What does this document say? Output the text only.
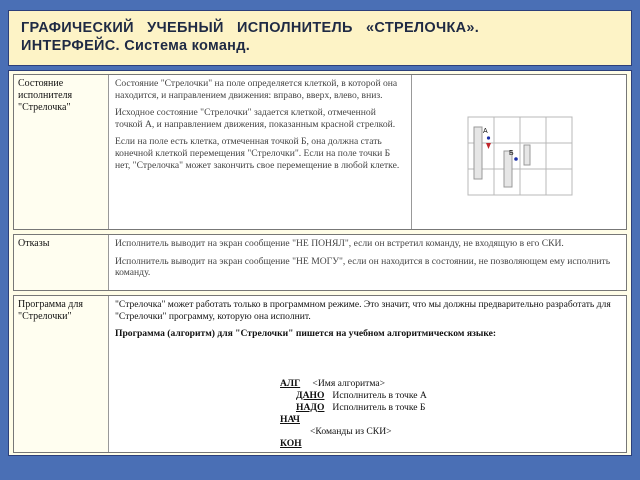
ГРАФИЧЕСКИЙ УЧЕБНЫЙ ИСПОЛНИТЕЛЬ «СТРЕЛОЧКА».
ИНТЕРФЕЙС. Система команд.
Состояние исполнителя "Стрелочка"

Состояние "Стрелочки" на поле определяется клеткой, в которой она находится, и направлением движения: вправо, вверх, влево, вниз.

Исходное состояние "Стрелочки" задается клеткой, отмеченной точкой А, и направлением движения, показанным красной стрелкой.

Если на поле есть клетка, отмеченная точкой Б, она должна стать конечной клеткой перемещения "Стрелочки". Если на поле точки Б нет, "Стрелочка" может закончить свое перемещение в любой клетке.

A
Б
Отказы	Исполнитель выводит на экран сообщение "НЕ ПОНЯЛ", если он встретил команду, не входящую в его СКИ.

Исполнитель выводит на экран сообщение "НЕ МОГУ", если он находится в состоянии, не позволяющем ему исполнить команду.

Программа для "Стрелочки"

"Стрелочка" может работать только в программном режиме. Это значит, что мы должны предварительно разработать для "Стрелочки" программу, которую она исполнит.

Программа (алгоритм) для "Стрелочки" пишется на учебном алгоритмическом языке:

АЛГ <Имя алгоритма>
ДАНО Исполнитель в точке А
НАДО Исполнитель в точке Б
НАЧ
<Команды из СКИ>
КОН
